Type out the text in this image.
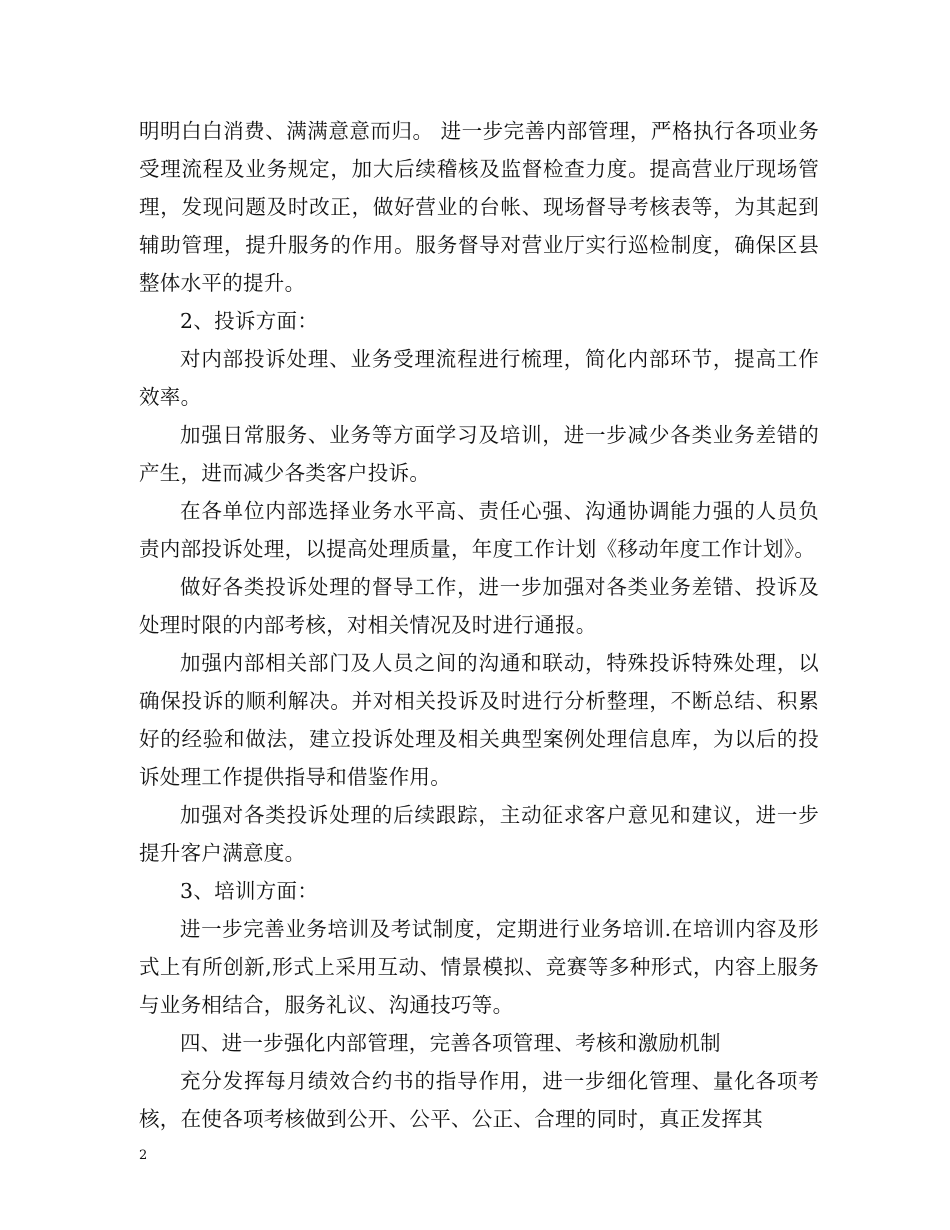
明明白白消费、满满意意而归。 进一步完善内部管理，严格执行各项业务受理流程及业务规定，加大后续稽核及监督检查力度。提高营业厅现场管理，发现问题及时改正，做好营业的台帐、现场督导考核表等，为其起到辅助管理，提升服务的作用。服务督导对营业厅实行巡检制度，确保区县整体水平的提升。

2、投诉方面：

对内部投诉处理、业务受理流程进行梳理，简化内部环节，提高工作效率。

加强日常服务、业务等方面学习及培训，进一步减少各类业务差错的产生，进而减少各类客户投诉。

在各单位内部选择业务水平高、责任心强、沟通协调能力强的人员负责内部投诉处理，以提高处理质量，年度工作计划《移动年度工作计划》。

做好各类投诉处理的督导工作，进一步加强对各类业务差错、投诉及处理时限的内部考核，对相关情况及时进行通报。

加强内部相关部门及人员之间的沟通和联动，特殊投诉特殊处理，以确保投诉的顺利解决。并对相关投诉及时进行分析整理，不断总结、积累好的经验和做法，建立投诉处理及相关典型案例处理信息库，为以后的投诉处理工作提供指导和借鉴作用。

加强对各类投诉处理的后续跟踪，主动征求客户意见和建议，进一步提升客户满意度。

3、培训方面：

进一步完善业务培训及考试制度，定期进行业务培训.在培训内容及形式上有所创新,形式上采用互动、情景模拟、竞赛等多种形式，内容上服务与业务相结合，服务礼议、沟通技巧等。

四、进一步强化内部管理，完善各项管理、考核和激励机制

充分发挥每月绩效合约书的指导作用，进一步细化管理、量化各项考核，在使各项考核做到公开、公平、公正、合理的同时，真正发挥其

2
